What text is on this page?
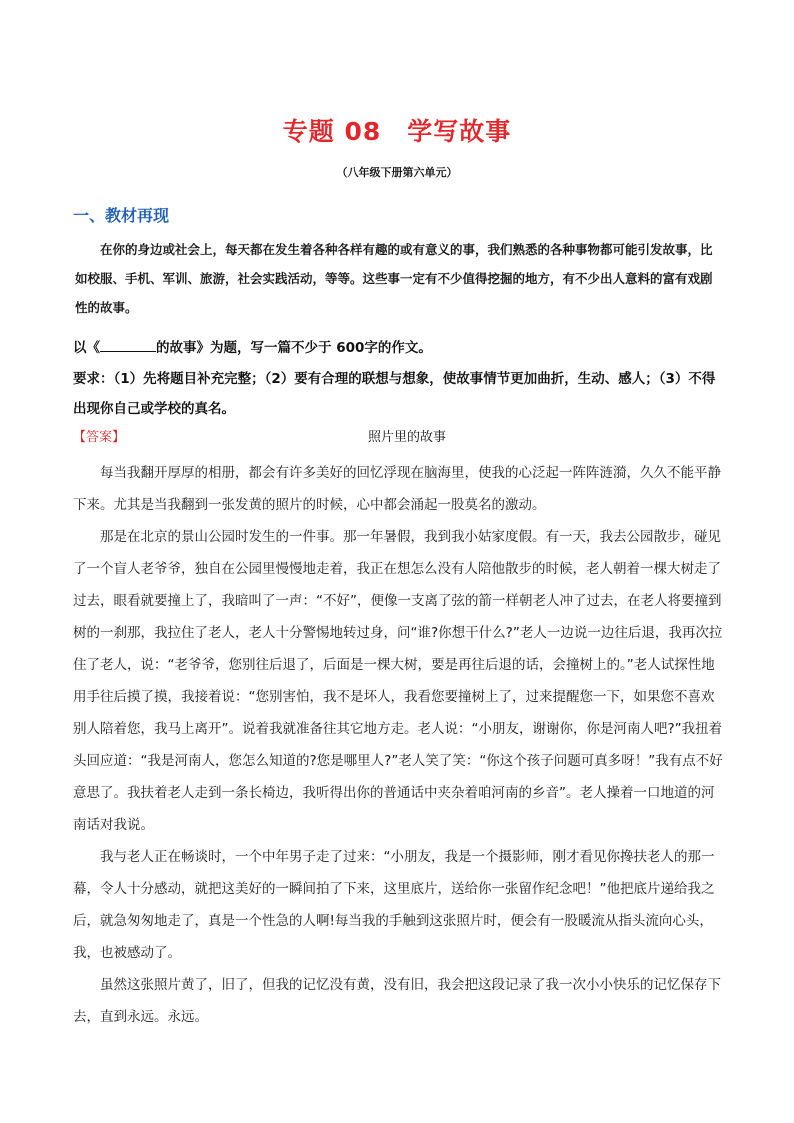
专题 08 学写故事
（八年级下册第六单元）
一、教材再现
在你的身边或社会上，每天都在发生着各种各样有趣的或有意义的事，我们熟悉的各种事物都可能引发故事，比如校服、手机、军训、旅游，社会实践活动，等等。这些事一定有不少值得挖掘的地方，有不少出人意料的富有戏剧性的故事。
以《	的故事》为题，写一篇不少于 600字的作文。
要求：（1）先将题目补充完整；（2）要有合理的联想与想象，使故事情节更加曲折，生动、感人；（3）不得出现你自己或学校的真名。
【答案】	照片里的故事

每当我翻开厚厚的相册，都会有许多美好的回忆浮现在脑海里，使我的心泛起一阵阵涟漪，久久不能平静下来。尤其是当我翻到一张发黄的照片的时候，心中都会涌起一股莫名的激动。

那是在北京的景山公园时发生的一件事。那一年暑假，我到我小姑家度假。有一天，我去公园散步，碰见了一个盲人老爷爷，独自在公园里慢慢地走着，我正在想怎么没有人陪他散步的时候，老人朝着一棵大树走了过去，眼看就要撞上了，我暗叫了一声：“不好”，便像一支离了弦的箭一样朝老人冲了过去，在老人将要撞到树的一刹那，我拉住了老人，老人十分警惕地转过身，问“谁?你想干什么?”老人一边说一边往后退，我再次拉住了老人，说：“老爷爷，您别往后退了，后面是一棵大树，要是再往后退的话，会撞树上的。”老人试探性地用手往后摸了摸，我接着说：“您别害怕，我不是坏人，我看您要撞树上了，过来提醒您一下，如果您不喜欢别人陪着您，我马上离开”。说着我就准备往其它地方走。老人说：“小朋友，谢谢你，你是河南人吧?”我扭着头回应道：“我是河南人，您怎么知道的?您是哪里人?”老人笑了笑：“你这个孩子问题可真多呀！”我有点不好意思了。我扶着老人走到一条长椅边，我听得出你的普通话中夹杂着咱河南的乡音”。老人操着一口地道的河南话对我说。

我与老人正在畅谈时，一个中年男子走了过来：“小朋友，我是一个摄影师，刚才看见你搀扶老人的那一幕，令人十分感动，就把这美好的一瞬间拍了下来，这里底片，送给你一张留作纪念吧！”他把底片递给我之后，就急匆匆地走了，真是一个性急的人啊!每当我的手触到这张照片时，便会有一股暖流从指头流向心头，我，也被感动了。

虽然这张照片黄了，旧了，但我的记忆没有黄，没有旧，我会把这段记录了我一次小小快乐的记忆保存下去，直到永远。永远。
